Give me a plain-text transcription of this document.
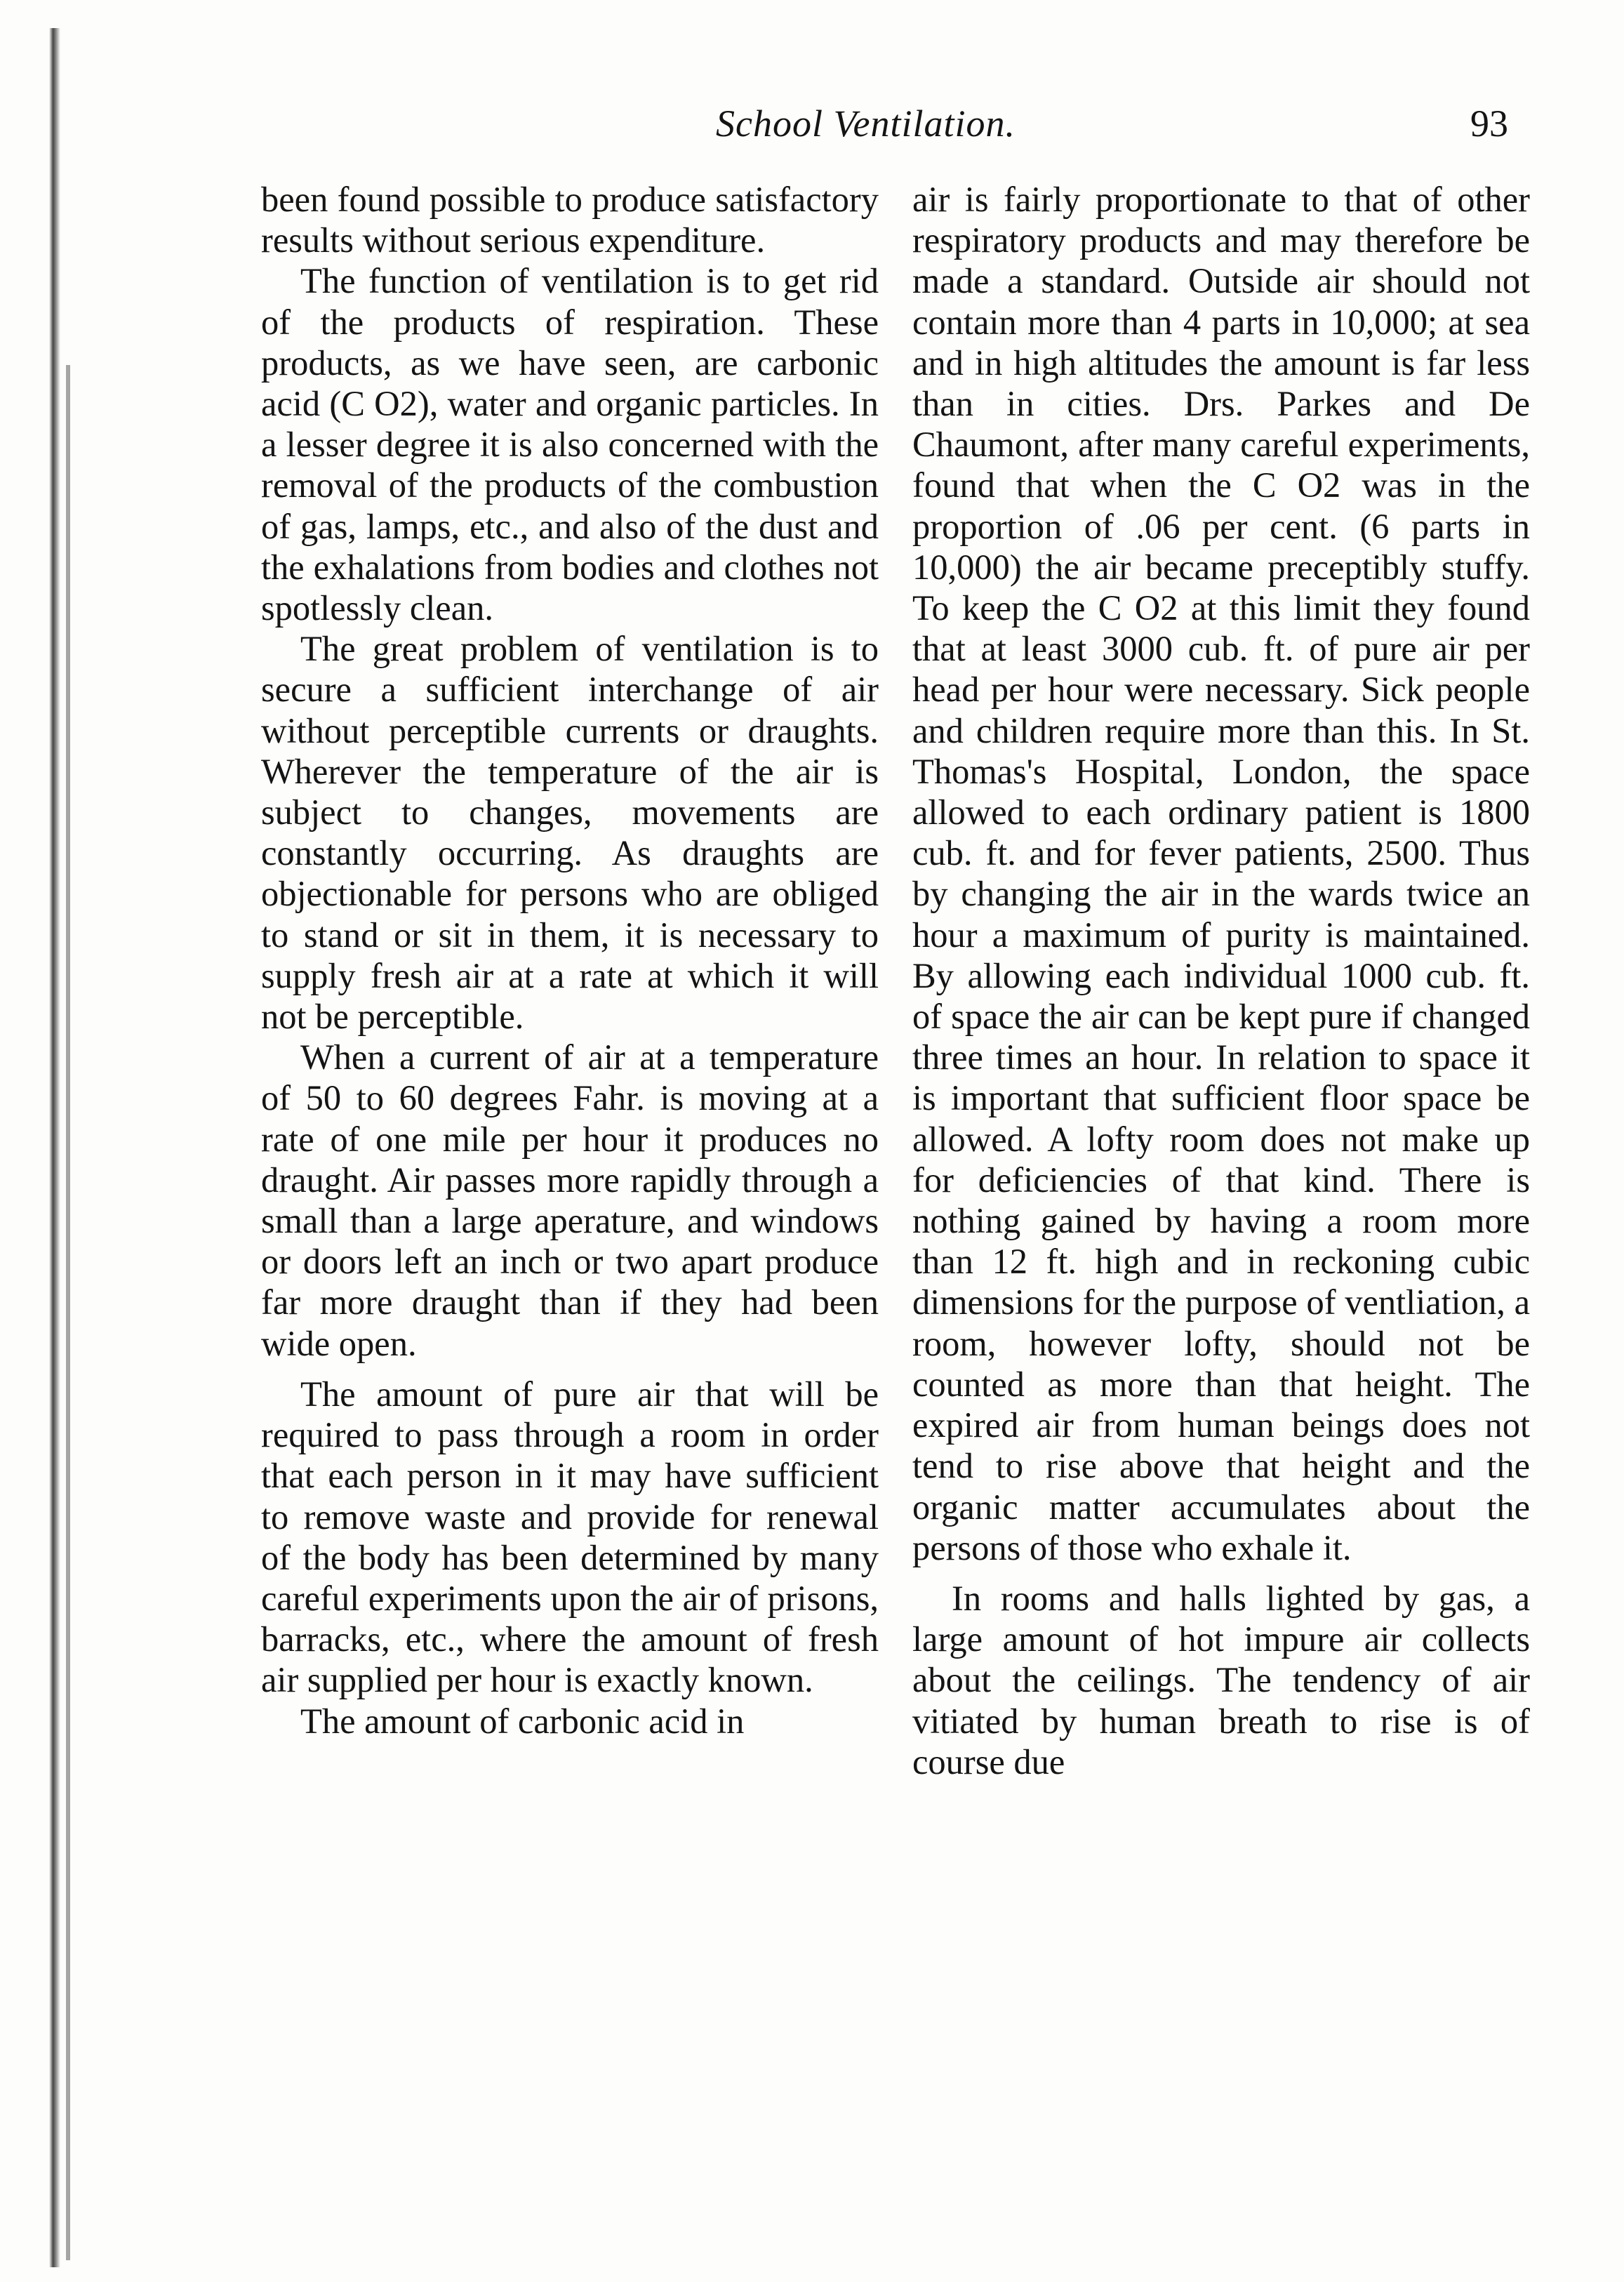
School Ventilation.	93

been found possible to produce satisfactory results without serious expenditure.

The function of ventilation is to get rid of the products of respiration. These products, as we have seen, are carbonic acid (C O2), water and organic particles. In a lesser degree it is also concerned with the removal of the products of the combustion of gas, lamps, etc., and also of the dust and the exhalations from bodies and clothes not spotlessly clean.

The great problem of ventilation is to secure a sufficient interchange of air without perceptible currents or draughts. Wherever the temperature of the air is subject to changes, movements are constantly occurring. As draughts are objectionable for persons who are obliged to stand or sit in them, it is necessary to supply fresh air at a rate at which it will not be perceptible.

When a current of air at a temperature of 50 to 60 degrees Fahr. is moving at a rate of one mile per hour it produces no draught. Air passes more rapidly through a small than a large aperature, and windows or doors left an inch or two apart produce far more draught than if they had been wide open.

The amount of pure air that will be required to pass through a room in order that each person in it may have sufficient to remove waste and provide for renewal of the body has been determined by many careful experiments upon the air of prisons, barracks, etc., where the amount of fresh air supplied per hour is exactly known.

The amount of carbonic acid in

air is fairly proportionate to that of other respiratory products and may therefore be made a standard. Outside air should not contain more than 4 parts in 10,000; at sea and in high altitudes the amount is far less than in cities. Drs. Parkes and De Chaumont, after many careful experiments, found that when the C O2 was in the proportion of .06 per cent. (6 parts in 10,000) the air became preceptibly stuffy. To keep the C O2 at this limit they found that at least 3000 cub. ft. of pure air per head per hour were necessary. Sick people and children require more than this. In St. Thomas's Hospital, London, the space allowed to each ordinary patient is 1800 cub. ft. and for fever patients, 2500. Thus by changing the air in the wards twice an hour a maximum of purity is maintained. By allowing each individual 1000 cub. ft. of space the air can be kept pure if changed three times an hour. In relation to space it is important that sufficient floor space be allowed. A lofty room does not make up for deficiencies of that kind. There is nothing gained by having a room more than 12 ft. high and in reckoning cubic dimensions for the purpose of ventliation, a room, however lofty, should not be counted as more than that height. The expired air from human beings does not tend to rise above that height and the organic matter accumulates about the persons of those who exhale it.

In rooms and halls lighted by gas, a large amount of hot impure air collects about the ceilings. The tendency of air vitiated by human breath to rise is of course due
